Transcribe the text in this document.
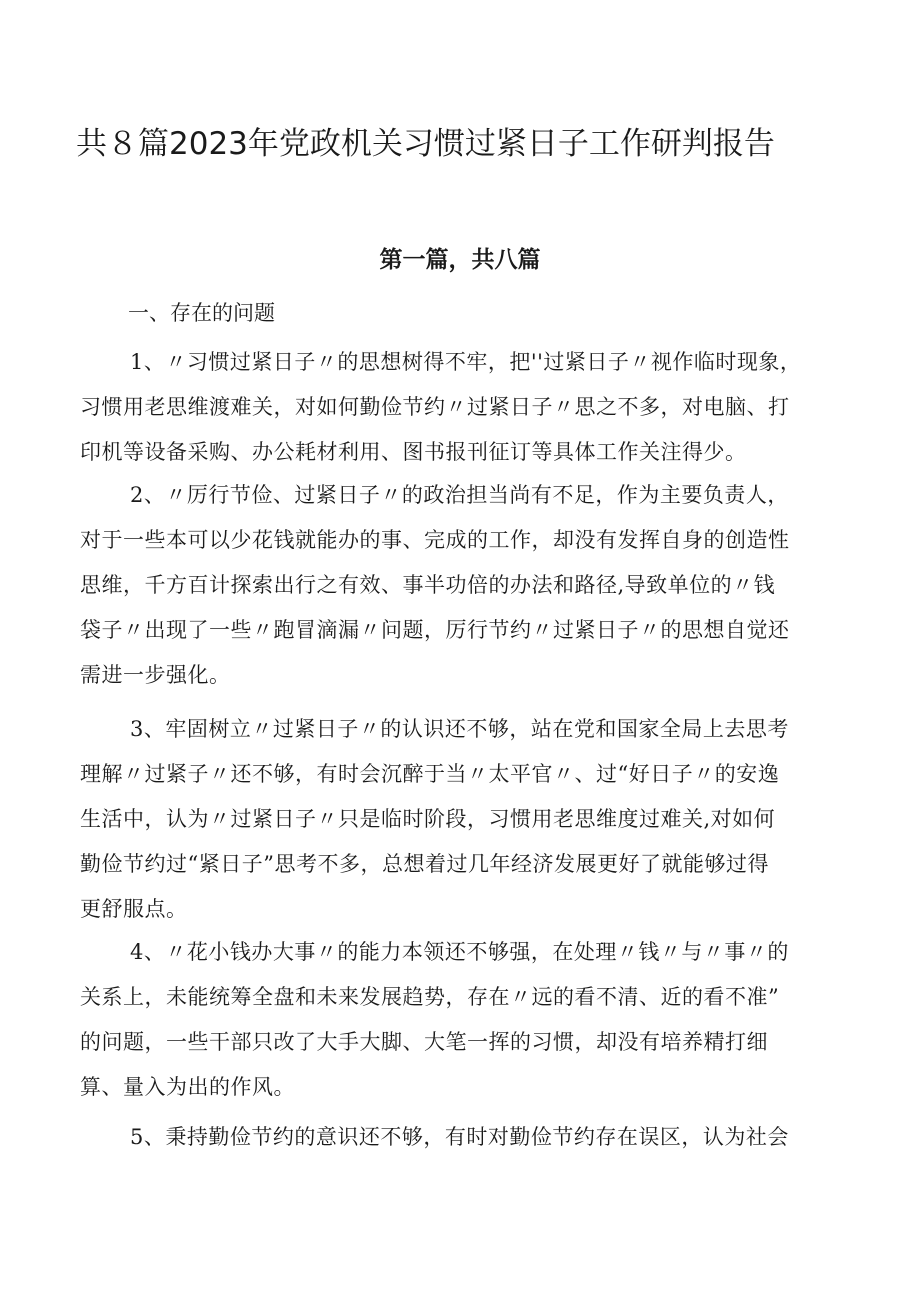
共８篇2023年党政机关习惯过紧日子工作研判报告
第一篇，共八篇

一、存在的问题

1、〃习惯过紧日子〃的思想树得不牢，把''过紧日子〃视作临时现象，
习惯用老思维渡难关，对如何勤俭节约〃过紧日子〃思之不多，对电脑、打
印机等设备采购、办公耗材利用、图书报刊征订等具体工作关注得少。
2、〃厉行节俭、过紧日子〃的政治担当尚有不足，作为主要负责人，
对于一些本可以少花钱就能办的事、完成的工作，却没有发挥自身的创造性
思维，千方百计探索出行之有效、事半功倍的办法和路径,导致单位的〃钱
袋子〃出现了一些〃跑冒滴漏〃问题，厉行节约〃过紧日子〃的思想自觉还
需进一步强化。
3、牢固树立〃过紧日子〃的认识还不够，站在党和国家全局上去思考
理解〃过紧子〃还不够，有时会沉醉于当〃太平官〃、过“好日子〃的安逸
生活中，认为〃过紧日子〃只是临时阶段，习惯用老思维度过难关,对如何
勤俭节约过“紧日子”思考不多，总想着过几年经济发展更好了就能够过得
更舒服点。
4、〃花小钱办大事〃的能力本领还不够强，在处理〃钱〃与〃事〃的
关系上，未能统筹全盘和未来发展趋势，存在〃远的看不清、近的看不准”
的问题，一些干部只改了大手大脚、大笔一挥的习惯，却没有培养精打细
算、量入为出的作风。
5、秉持勤俭节约的意识还不够，有时对勤俭节约存在误区，认为社会
